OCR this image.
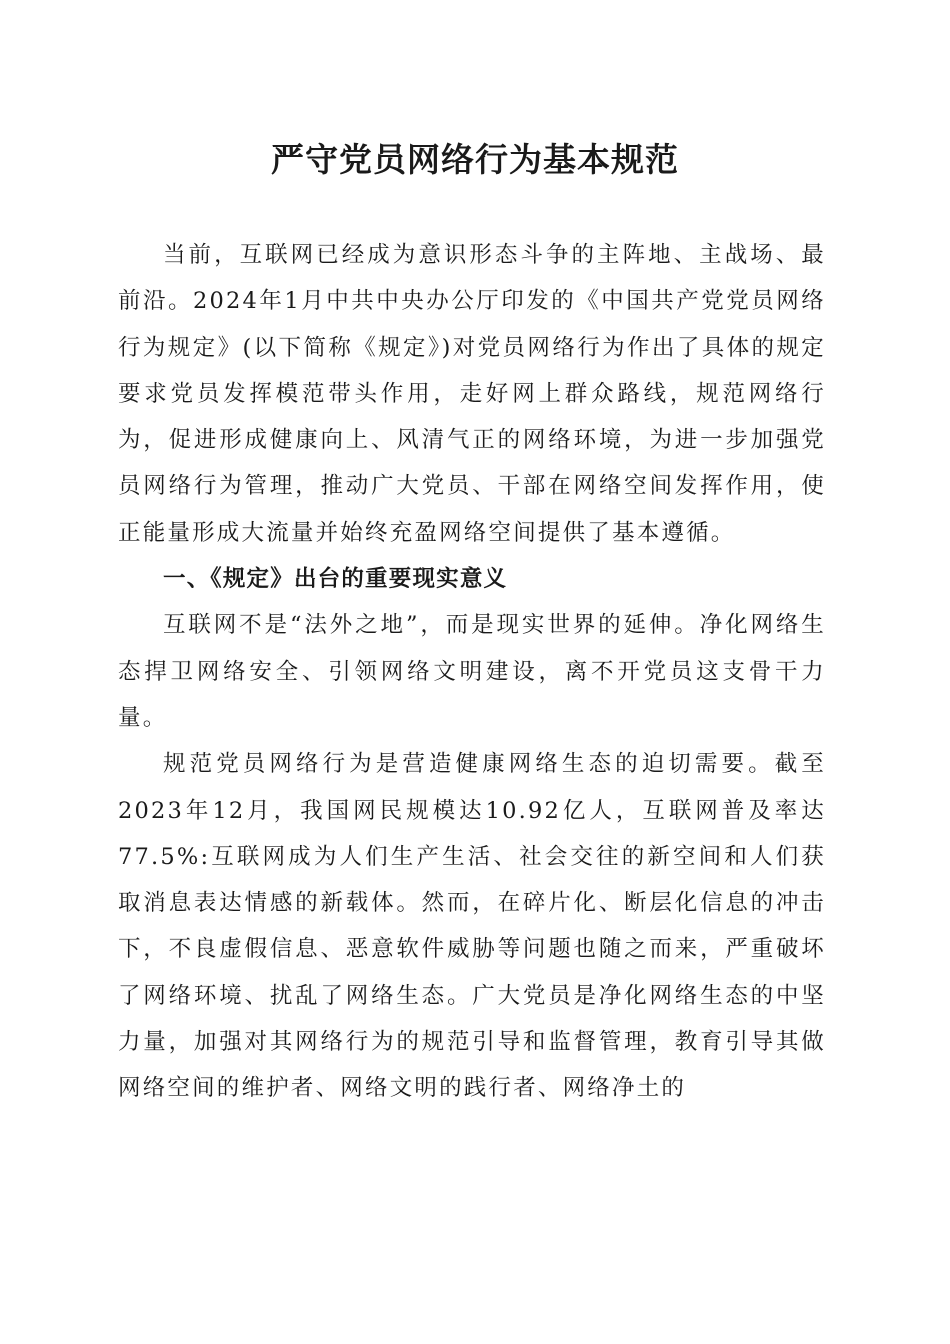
严守党员网络行为基本规范

当前，互联网已经成为意识形态斗争的主阵地、主战场、最前沿。2024年1月中共中央办公厅印发的《中国共产党党员网络行为规定》(以下简称《规定》)对党员网络行为作出了具体的规定要求党员发挥模范带头作用，走好网上群众路线，规范网络行为，促进形成健康向上、风清气正的网络环境，为进一步加强党员网络行为管理，推动广大党员、干部在网络空间发挥作用，使正能量形成大流量并始终充盈网络空间提供了基本遵循。

一、《规定》出台的重要现实意义

互联网不是“法外之地”，而是现实世界的延伸。净化网络生态捍卫网络安全、引领网络文明建设，离不开党员这支骨干力量。

规范党员网络行为是营造健康网络生态的迫切需要。截至2023年12月，我国网民规模达10.92亿人，互联网普及率达77.5%:互联网成为人们生产生活、社会交往的新空间和人们获取消息表达情感的新载体。然而，在碎片化、断层化信息的冲击下，不良虚假信息、恶意软件威胁等问题也随之而来，严重破坏了网络环境、扰乱了网络生态。广大党员是净化网络生态的中坚力量，加强对其网络行为的规范引导和监督管理，教育引导其做网络空间的维护者、网络文明的践行者、网络净土的
